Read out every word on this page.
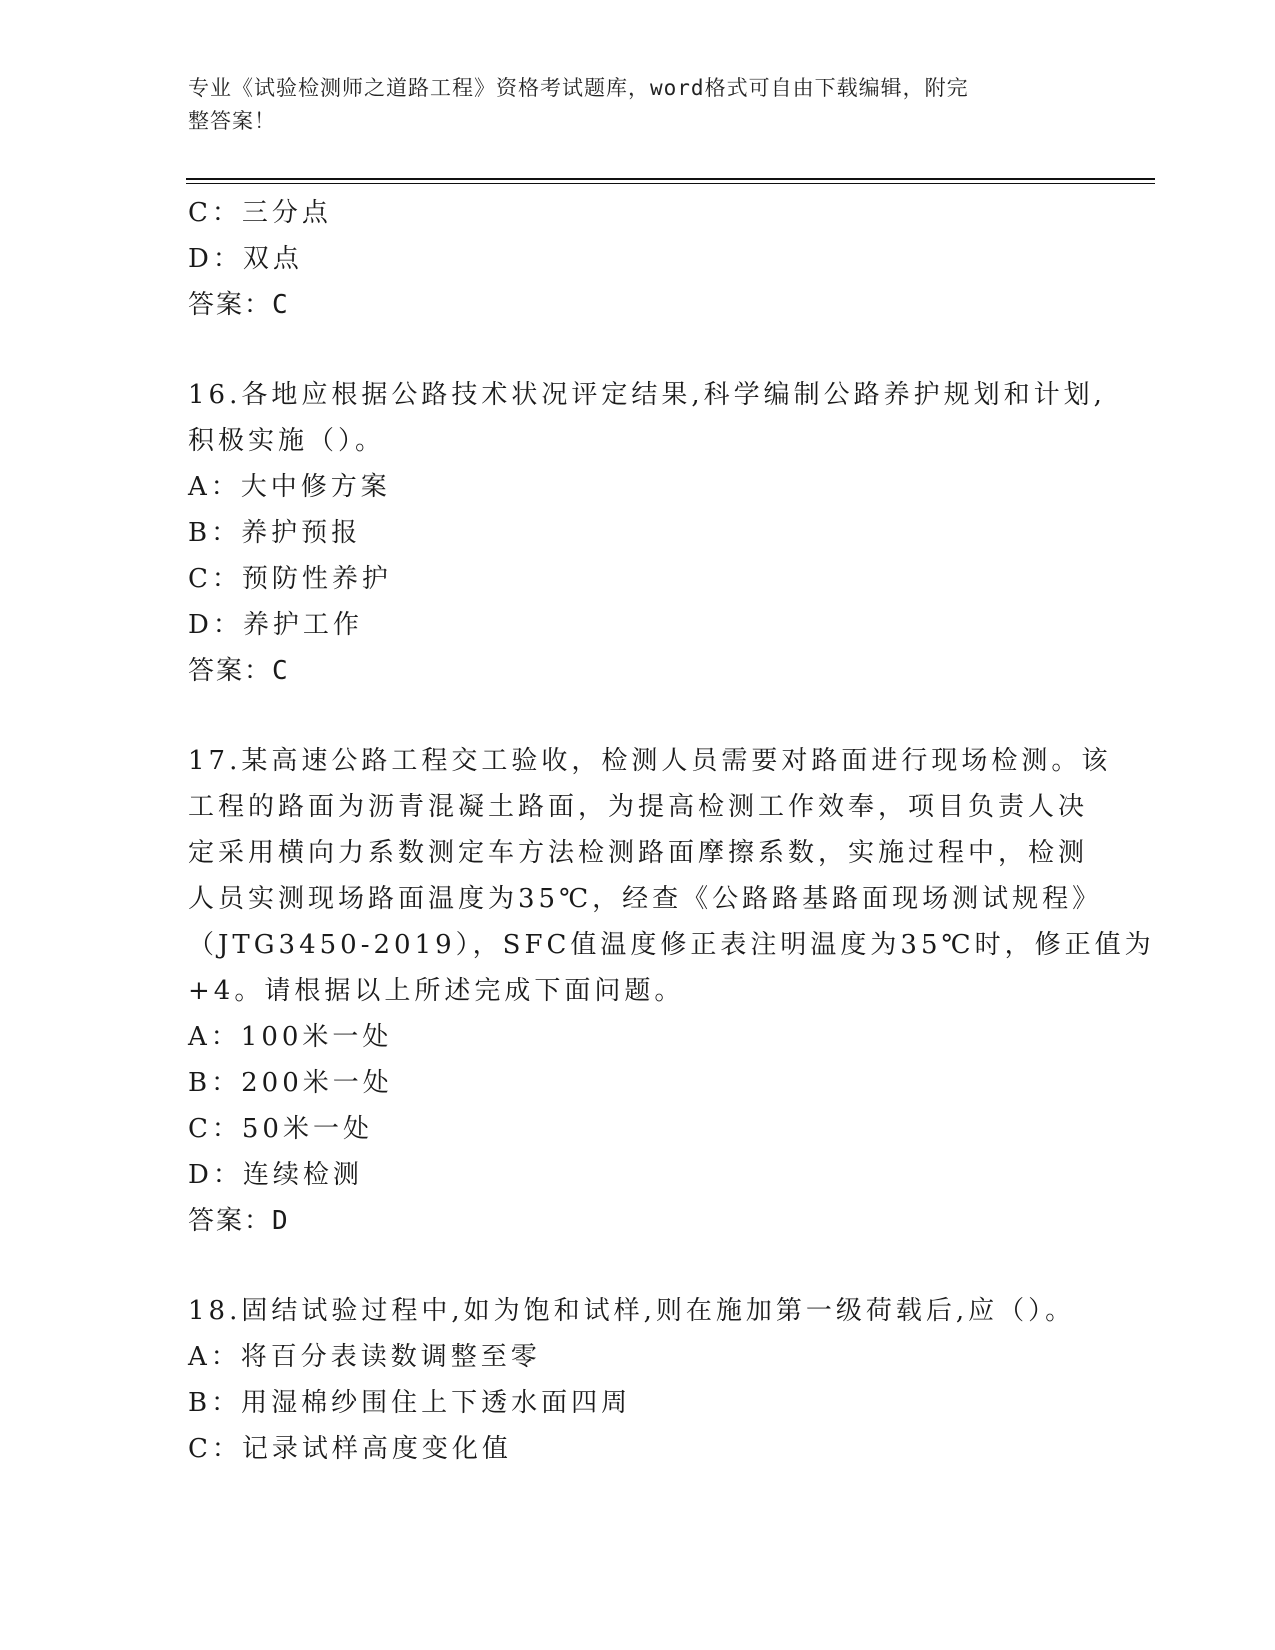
专业《试验检测师之道路工程》资格考试题库，word格式可自由下载编辑，附完
整答案！
C：三分点
D：双点
答案：C
16.各地应根据公路技术状况评定结果,科学编制公路养护规划和计划,
积极实施（）。
A：大中修方案
B：养护预报
C：预防性养护
D：养护工作
答案：C
17.某高速公路工程交工验收，检测人员需要对路面进行现场检测。该
工程的路面为沥青混凝土路面，为提高检测工作效奉，项目负责人决
定采用横向力系数测定车方法检测路面摩擦系数，实施过程中，检测
人员实测现场路面温度为35℃，经查《公路路基路面现场测试规程》
（JTG3450-2019），SFC值温度修正表注明温度为35℃时，修正值为
+4。请根据以上所述完成下面问题。
A：100米一处
B：200米一处
C：50米一处
D：连续检测
答案：D
18.固结试验过程中,如为饱和试样,则在施加第一级荷载后,应（）。
A：将百分表读数调整至零
B：用湿棉纱围住上下透水面四周
C：记录试样高度变化值
